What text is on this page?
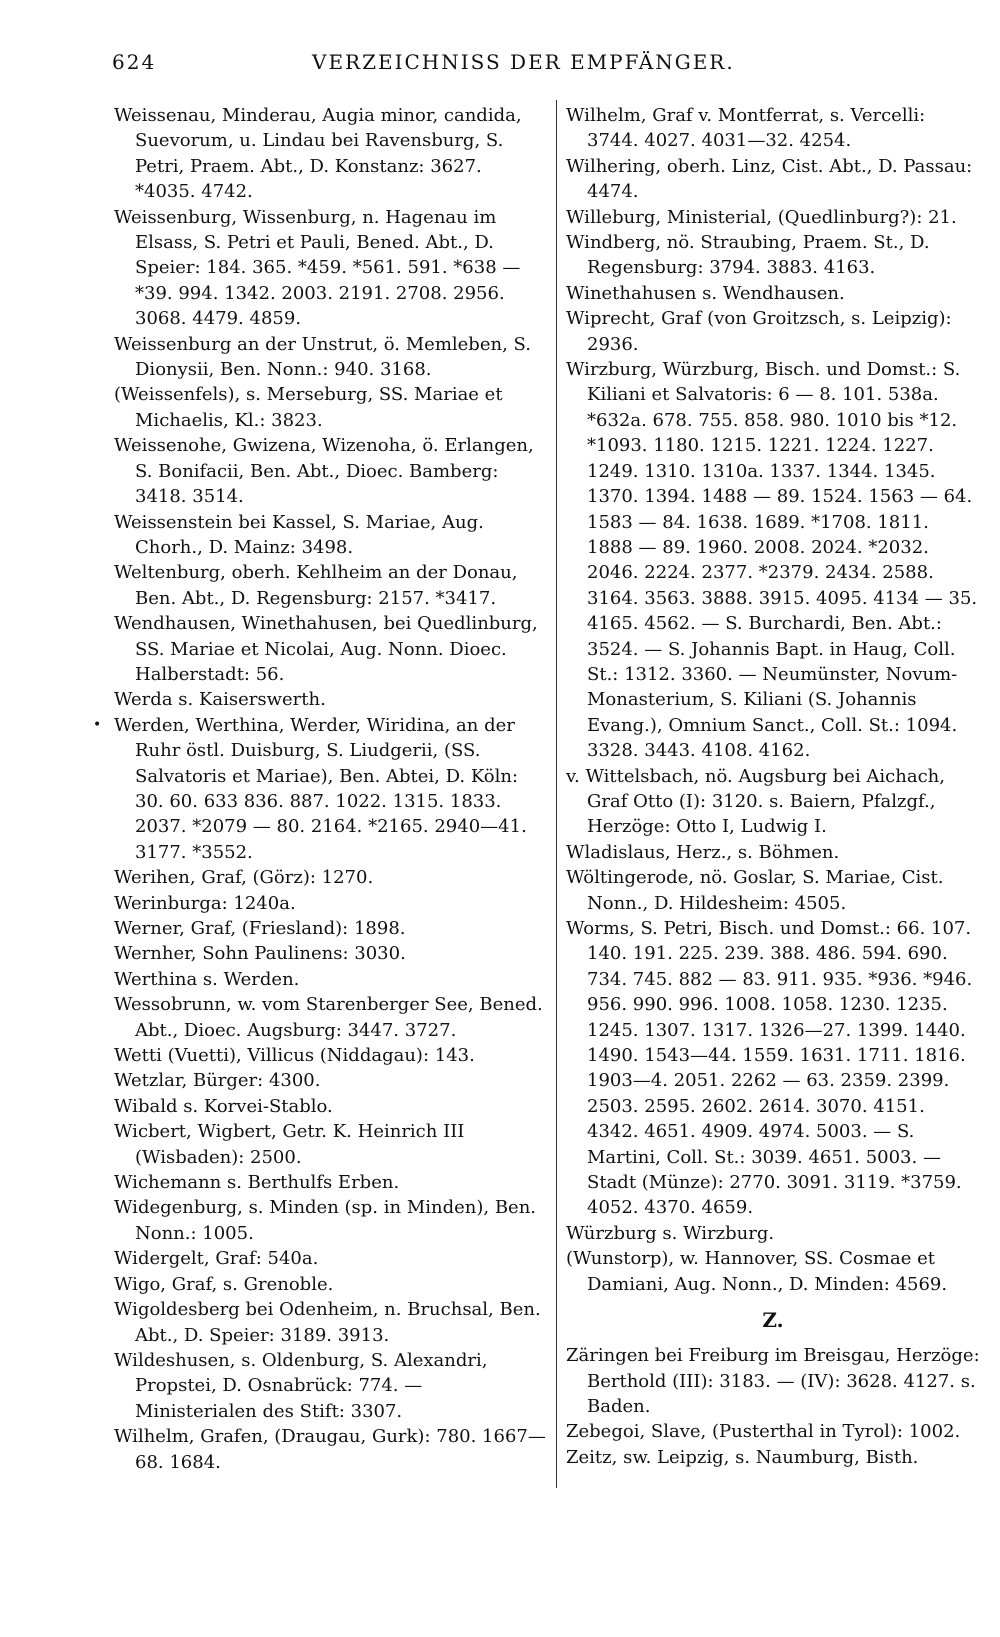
624	VERZEICHNISS DER EMPFÄNGER.
•

Weissenau, Minderau, Augia minor, candida, Suevorum, u. Lindau bei Ravensburg, S. Petri, Praem. Abt., D. Konstanz: 3627. *4035. 4742.

Weissenburg, Wissenburg, n. Hagenau im Elsass, S. Petri et Pauli, Bened. Abt., D. Speier: 184. 365. *459. *561. 591. *638 — *39. 994. 1342. 2003. 2191. 2708. 2956. 3068. 4479. 4859.

Weissenburg an der Unstrut, ö. Memleben, S. Dionysii, Ben. Nonn.: 940. 3168.

(Weissenfels), s. Merseburg, SS. Mariae et Michaelis, Kl.: 3823.

Weissenohe, Gwizena, Wizenoha, ö. Erlangen, S. Bonifacii, Ben. Abt., Dioec. Bamberg: 3418. 3514.

Weissenstein bei Kassel, S. Mariae, Aug. Chorh., D. Mainz: 3498.

Weltenburg, oberh. Kehlheim an der Donau, Ben. Abt., D. Regensburg: 2157. *3417.

Wendhausen, Winethahusen, bei Quedlinburg, SS. Mariae et Nicolai, Aug. Nonn. Dioec. Halberstadt: 56.

Werda s. Kaiserswerth.

Werden, Werthina, Werder, Wiridina, an der Ruhr östl. Duisburg, S. Liudgerii, (SS. Salvatoris et Mariae), Ben. Abtei, D. Köln: 30. 60. 633 836. 887. 1022. 1315. 1833. 2037. *2079 — 80. 2164. *2165. 2940—41. 3177. *3552.

Werihen, Graf, (Görz): 1270.

Werinburga: 1240a.

Werner, Graf, (Friesland): 1898.

Wernher, Sohn Paulinens: 3030.

Werthina s. Werden.

Wessobrunn, w. vom Starenberger See, Bened. Abt., Dioec. Augsburg: 3447. 3727.

Wetti (Vuetti), Villicus (Niddagau): 143.

Wetzlar, Bürger: 4300.

Wibald s. Korvei-Stablo.

Wicbert, Wigbert, Getr. K. Heinrich III (Wisbaden): 2500.

Wichemann s. Berthulfs Erben.

Widegenburg, s. Minden (sp. in Minden), Ben. Nonn.: 1005.

Widergelt, Graf: 540a.

Wigo, Graf, s. Grenoble.

Wigoldesberg bei Odenheim, n. Bruchsal, Ben. Abt., D. Speier: 3189. 3913.

Wildeshusen, s. Oldenburg, S. Alexandri, Propstei, D. Osnabrück: 774. — Ministerialen des Stift: 3307.

Wilhelm, Grafen, (Draugau, Gurk): 780. 1667—68. 1684.

Wilhelm, Graf v. Montferrat, s. Vercelli: 3744. 4027. 4031—32. 4254.

Wilhering, oberh. Linz, Cist. Abt., D. Passau: 4474.

Willeburg, Ministerial, (Quedlinburg?): 21.

Windberg, nö. Straubing, Praem. St., D. Regensburg: 3794. 3883. 4163.

Winethahusen s. Wendhausen.

Wiprecht, Graf (von Groitzsch, s. Leipzig): 2936.

Wirzburg, Würzburg, Bisch. und Domst.: S. Kiliani et Salvatoris: 6 — 8. 101. 538a. *632a. 678. 755. 858. 980. 1010 bis *12. *1093. 1180. 1215. 1221. 1224. 1227. 1249. 1310. 1310a. 1337. 1344. 1345. 1370. 1394. 1488 — 89. 1524. 1563 — 64. 1583 — 84. 1638. 1689. *1708. 1811. 1888 — 89. 1960. 2008. 2024. *2032. 2046. 2224. 2377. *2379. 2434. 2588. 3164. 3563. 3888. 3915. 4095. 4134 — 35. 4165. 4562. — S. Burchardi, Ben. Abt.: 3524. — S. Johannis Bapt. in Haug, Coll. St.: 1312. 3360. — Neumünster, Novum-Monasterium, S. Kiliani (S. Johannis Evang.), Omnium Sanct., Coll. St.: 1094. 3328. 3443. 4108. 4162.

v. Wittelsbach, nö. Augsburg bei Aichach, Graf Otto (I): 3120. s. Baiern, Pfalzgf., Herzöge: Otto I, Ludwig I.

Wladislaus, Herz., s. Böhmen.

Wöltingerode, nö. Goslar, S. Mariae, Cist. Nonn., D. Hildesheim: 4505.

Worms, S. Petri, Bisch. und Domst.: 66. 107. 140. 191. 225. 239. 388. 486. 594. 690. 734. 745. 882 — 83. 911. 935. *936. *946. 956. 990. 996. 1008. 1058. 1230. 1235. 1245. 1307. 1317. 1326—27. 1399. 1440. 1490. 1543—44. 1559. 1631. 1711. 1816. 1903—4. 2051. 2262 — 63. 2359. 2399. 2503. 2595. 2602. 2614. 3070. 4151. 4342. 4651. 4909. 4974. 5003. — S. Martini, Coll. St.: 3039. 4651. 5003. — Stadt (Münze): 2770. 3091. 3119. *3759. 4052. 4370. 4659.

Würzburg s. Wirzburg.

(Wunstorp), w. Hannover, SS. Cosmae et Damiani, Aug. Nonn., D. Minden: 4569.

Z.

Zäringen bei Freiburg im Breisgau, Herzöge: Berthold (III): 3183. — (IV): 3628. 4127. s. Baden.

Zebegoi, Slave, (Pusterthal in Tyrol): 1002.

Zeitz, sw. Leipzig, s. Naumburg, Bisth.
